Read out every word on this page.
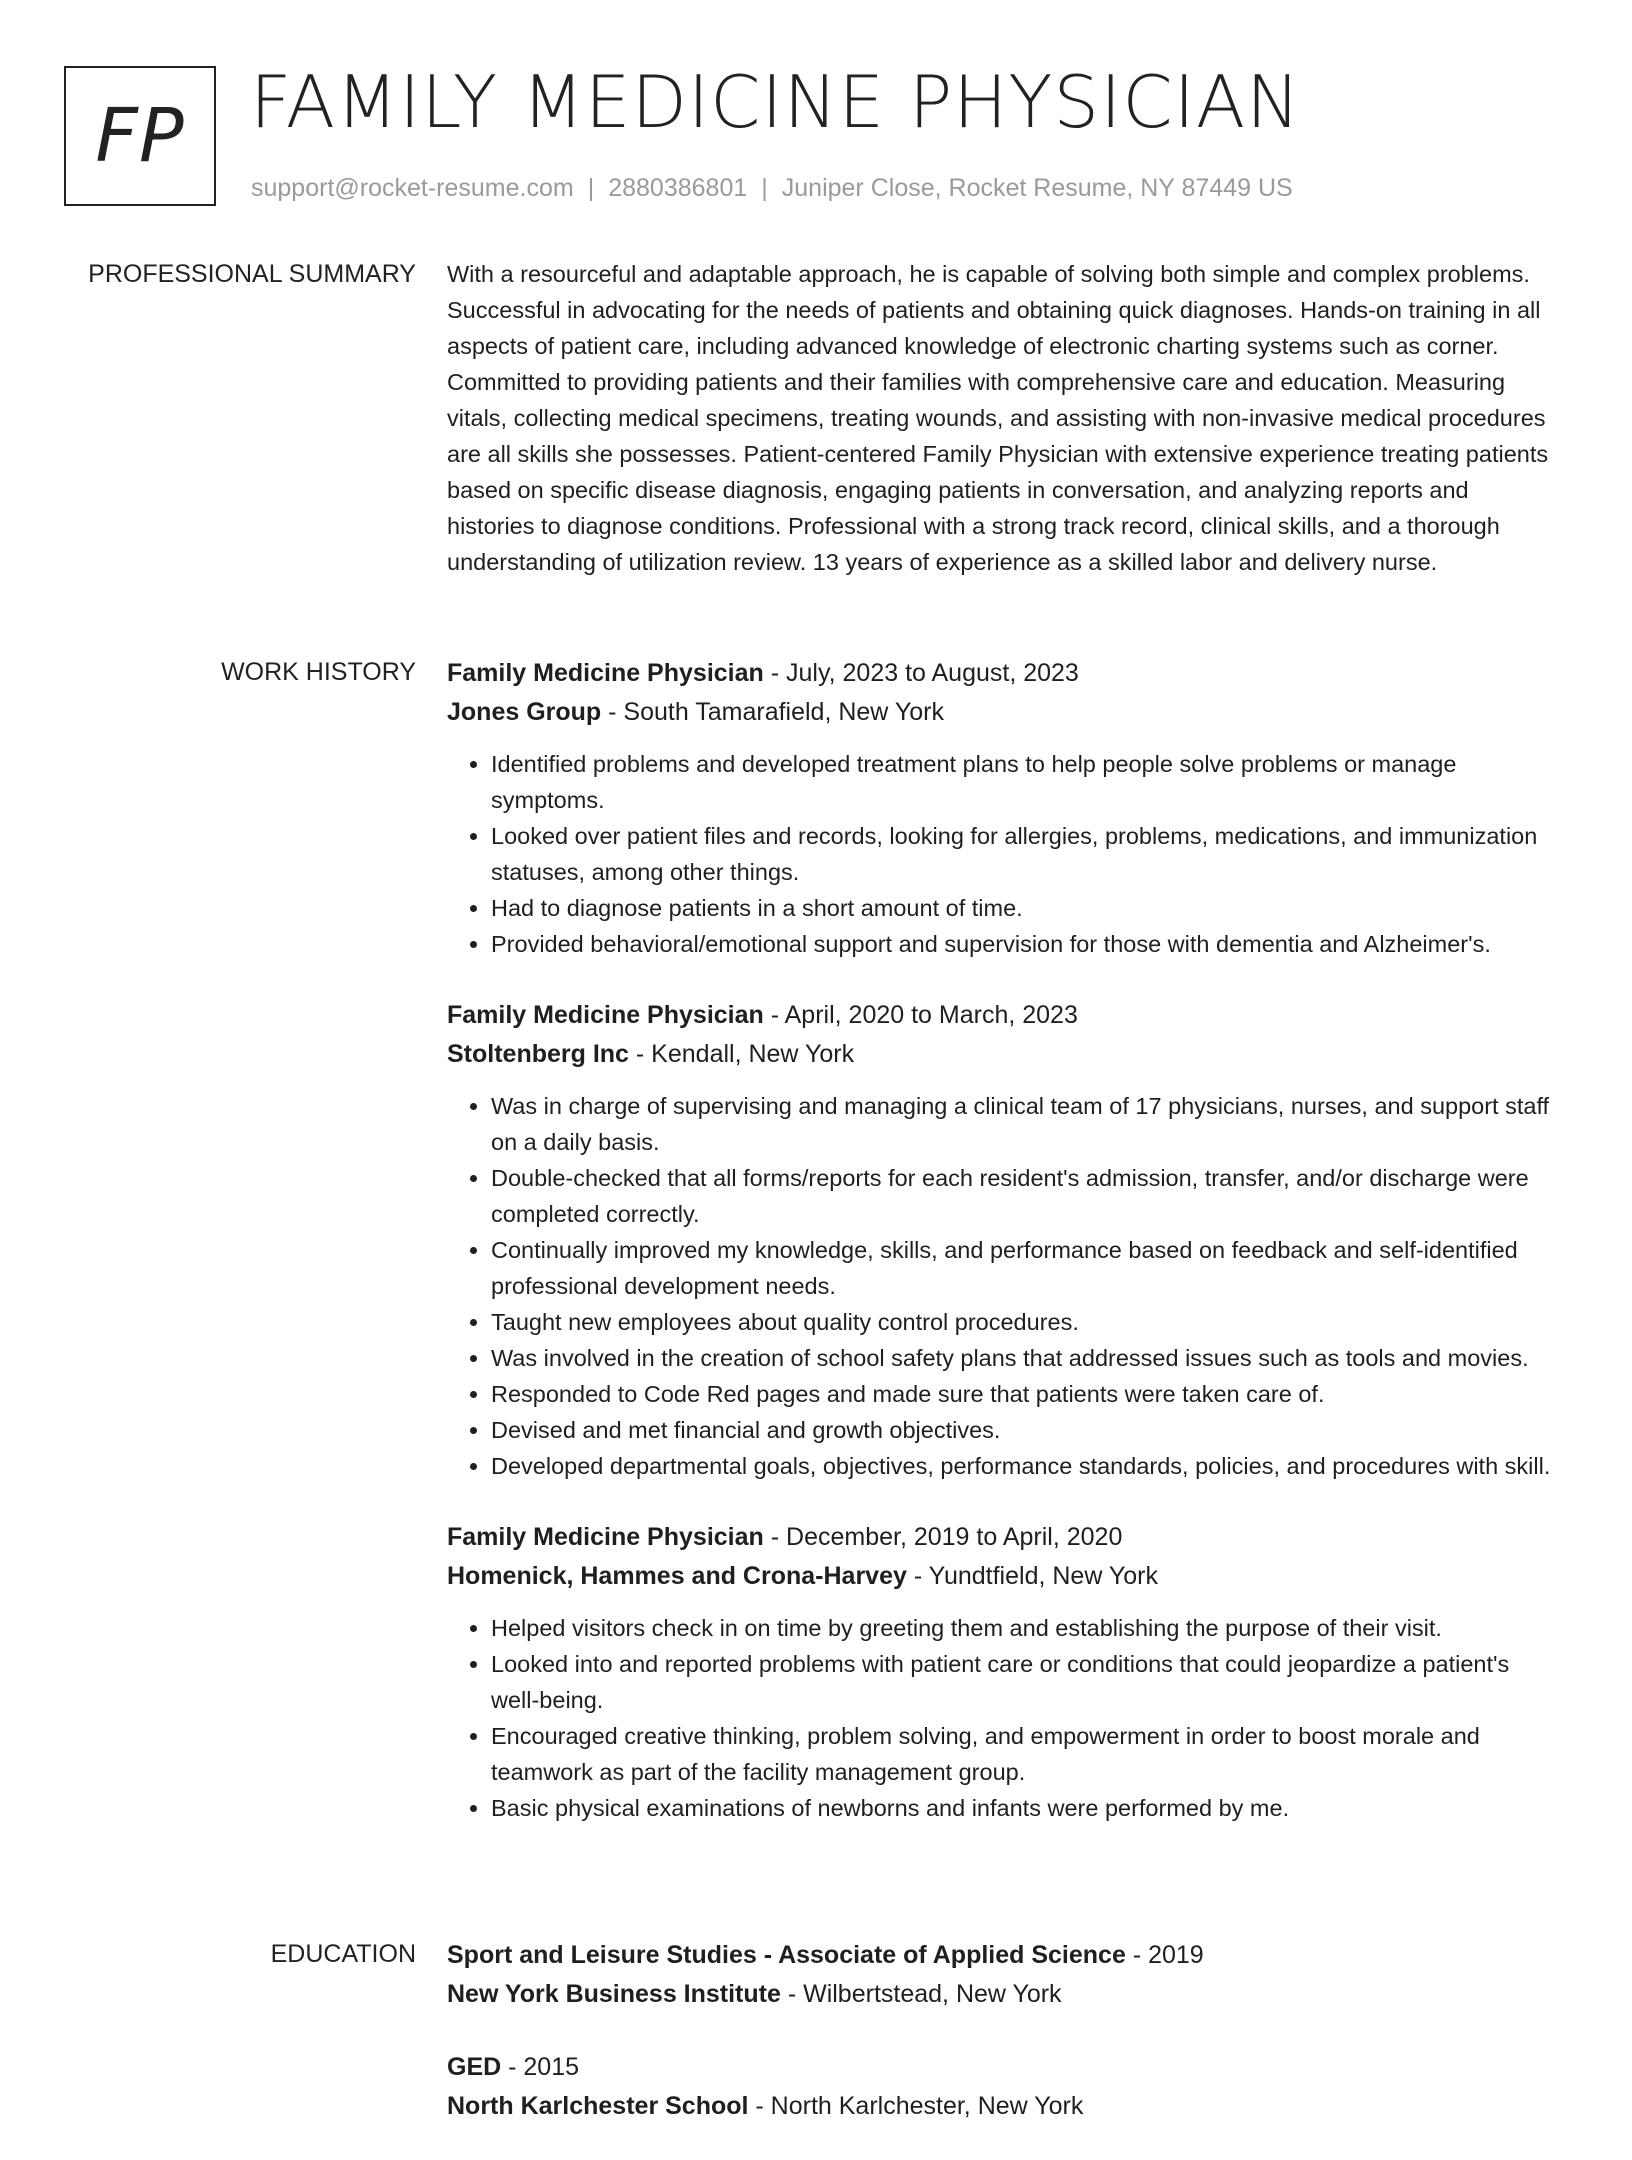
FP FAMILY MEDICINE PHYSICIAN
support@rocket-resume.com | 2880386801 | Juniper Close, Rocket Resume, NY 87449 US
PROFESSIONAL SUMMARY With a resourceful and adaptable approach, he is capable of solving both simple and complex problems. Successful in advocating for the needs of patients and obtaining quick diagnoses. Hands-on training in all aspects of patient care, including advanced knowledge of electronic charting systems such as corner. Committed to providing patients and their families with comprehensive care and education. Measuring vitals, collecting medical specimens, treating wounds, and assisting with non-invasive medical procedures are all skills she possesses. Patient-centered Family Physician with extensive experience treating patients based on specific disease diagnosis, engaging patients in conversation, and analyzing reports and histories to diagnose conditions. Professional with a strong track record, clinical skills, and a thorough understanding of utilization review. 13 years of experience as a skilled labor and delivery nurse.

WORK HISTORY Family Medicine Physician - July, 2023 to August, 2023
Jones Group - South Tamarafield, New York
• Identified problems and developed treatment plans to help people solve problems or manage symptoms.
• Looked over patient files and records, looking for allergies, problems, medications, and immunization statuses, among other things.
• Had to diagnose patients in a short amount of time.
• Provided behavioral/emotional support and supervision for those with dementia and Alzheimer's.
Family Medicine Physician - April, 2020 to March, 2023
Stoltenberg Inc - Kendall, New York
• Was in charge of supervising and managing a clinical team of 17 physicians, nurses, and support staff on a daily basis.
• Double-checked that all forms/reports for each resident's admission, transfer, and/or discharge were completed correctly.
• Continually improved my knowledge, skills, and performance based on feedback and self-identified professional development needs.
• Taught new employees about quality control procedures.
• Was involved in the creation of school safety plans that addressed issues such as tools and movies.
• Responded to Code Red pages and made sure that patients were taken care of.
• Devised and met financial and growth objectives.
• Developed departmental goals, objectives, performance standards, policies, and procedures with skill.
Family Medicine Physician - December, 2019 to April, 2020
Homenick, Hammes and Crona-Harvey - Yundtfield, New York
• Helped visitors check in on time by greeting them and establishing the purpose of their visit.
• Looked into and reported problems with patient care or conditions that could jeopardize a patient's well-being.
• Encouraged creative thinking, problem solving, and empowerment in order to boost morale and teamwork as part of the facility management group.
• Basic physical examinations of newborns and infants were performed by me.
EDUCATION Sport and Leisure Studies - Associate of Applied Science - 2019
New York Business Institute - Wilbertstead, New York
GED - 2015
North Karlchester School - North Karlchester, New York
